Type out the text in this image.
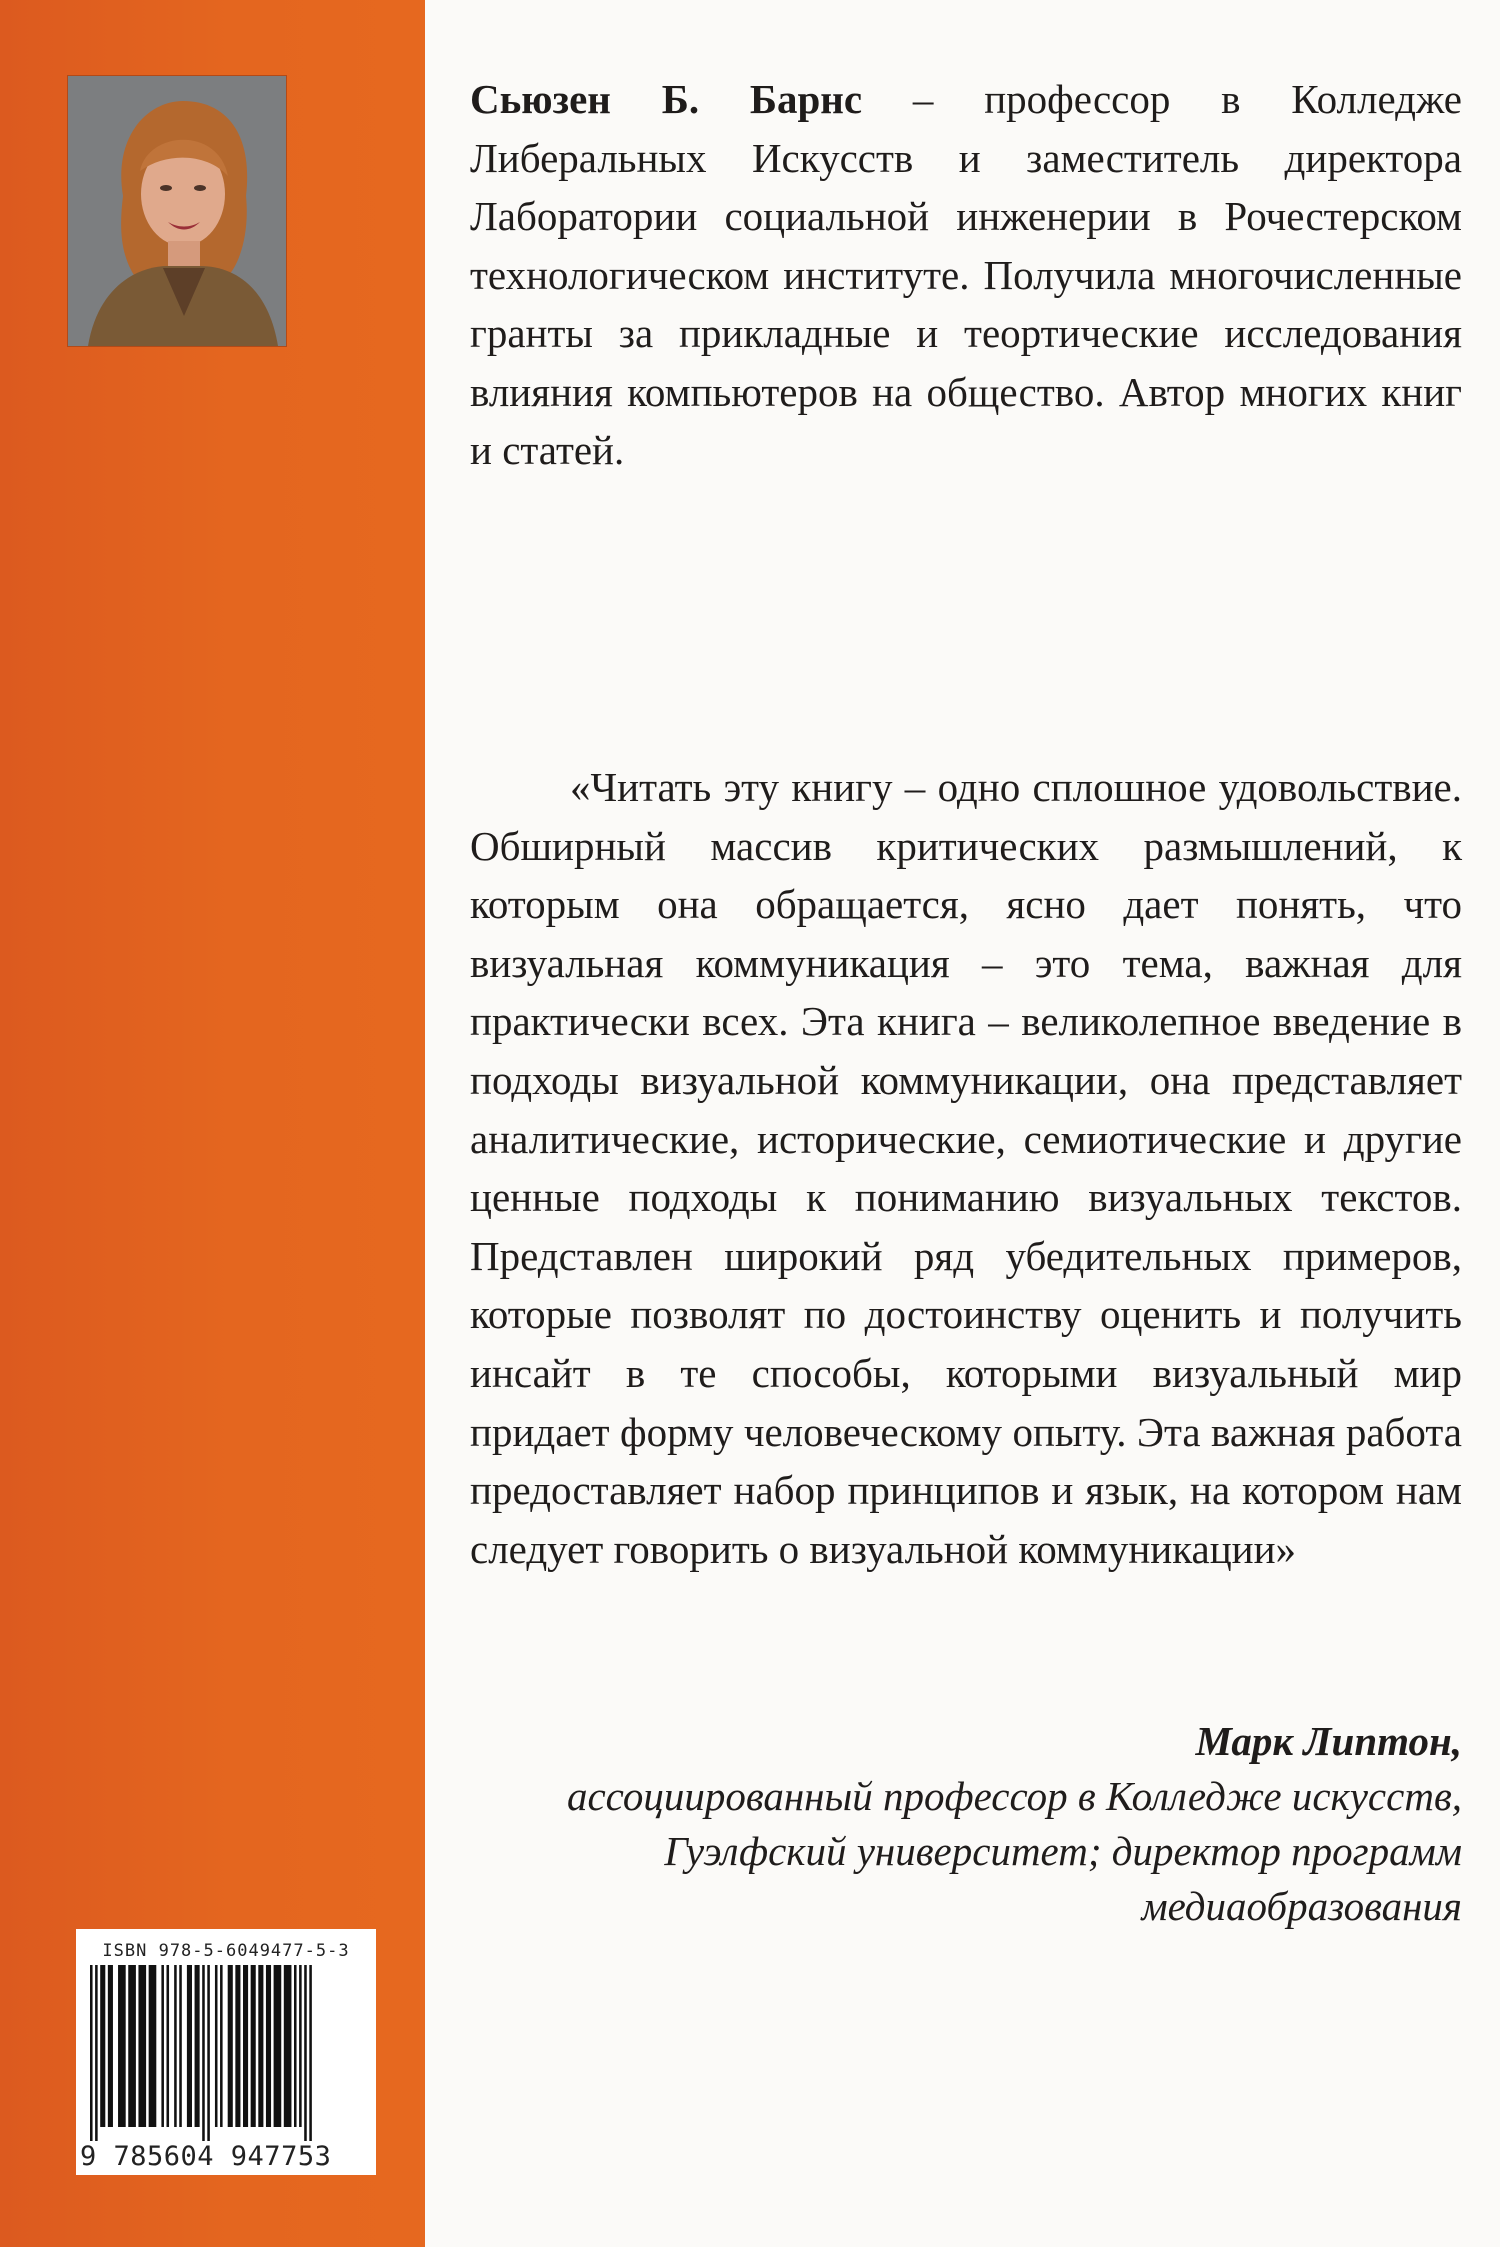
ISBN 978-5-6049477-5-3
9 785604 947753

Сьюзен Б. Барнс – профессор в Колледже Либеральных Искусств и заместитель директора Лаборатории социальной инженерии в Рочестерском технологическом институте. Получила многочисленные гранты за прикладные и теортические исследования влияния компьютеров на общество. Автор многих книг и статей.

«Читать эту книгу – одно сплошное удовольствие. Обширный массив критических размышлений, к которым она обращается, ясно дает понять, что визуальная коммуникация – это тема, важная для практически всех. Эта книга – великолепное введение в подходы визуальной коммуникации, она представляет аналитические, исторические, семиотические и другие ценные подходы к пониманию визуальных текстов. Представлен широкий ряд убедительных примеров, которые позволят по достоинству оценить и получить инсайт в те способы, которыми визуальный мир придает форму человеческому опыту. Эта важная работа предоставляет набор принципов и язык, на котором нам следует говорить о визуальной коммуникации»

Марк Липтон,
ассоциированный профессор в Колледже искусств, Гуэлфский университет; директор программ медиаобразования
